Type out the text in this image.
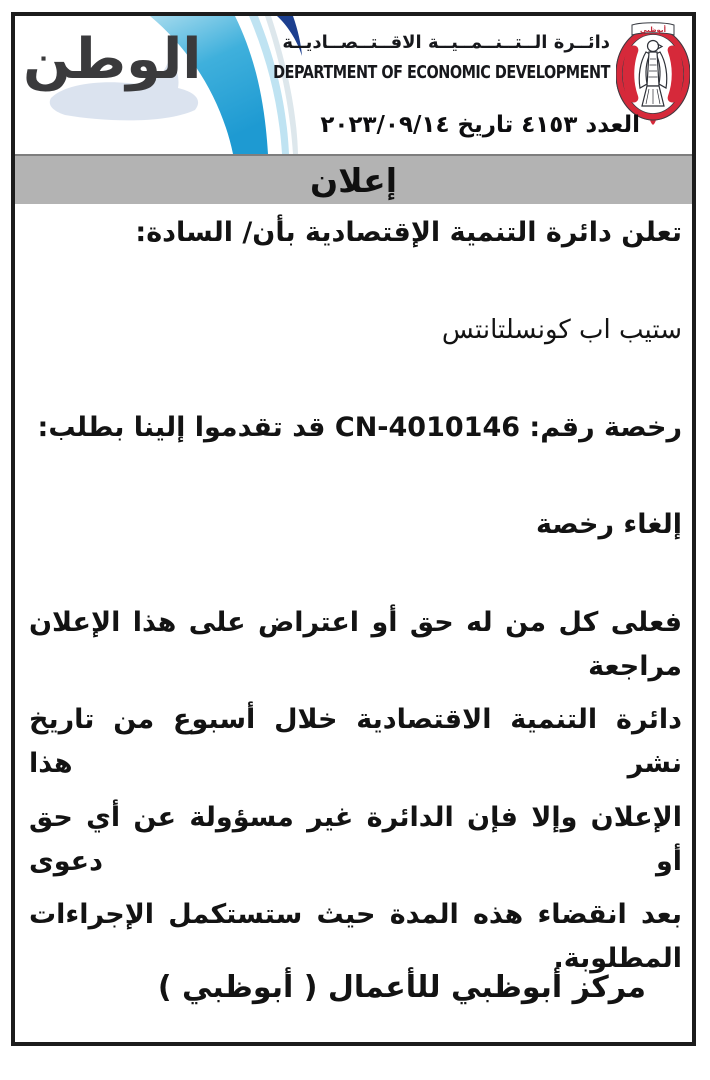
الوطن	دائــرة الــتــنــمــيــة الاقــتــصــاديــة
DEPARTMENT OF ECONOMIC DEVELOPMENT
أبوظبي
العدد ٤١٥٣ تاريخ ٢٠٢٣/٠٩/١٤
إعلان
تعلن دائرة التنمية الإقتصادية بأن/ السادة:
ستيب اب كونسلتانتس
رخصة رقم: CN-4010146 قد تقدموا إلينا بطلب:
إلغاء رخصة
فعلى كل من له حق أو اعتراض على هذا الإعلان مراجعة
دائرة التنمية الاقتصادية خلال أسبوع من تاريخ نشر هذا
الإعلان وإلا فإن الدائرة غير مسؤولة عن أي حق أو دعوى
بعد انقضاء هذه المدة حيث ستستكمل الإجراءات المطلوبة.
مركز أبوظبي للأعمال ( أبوظبي )
